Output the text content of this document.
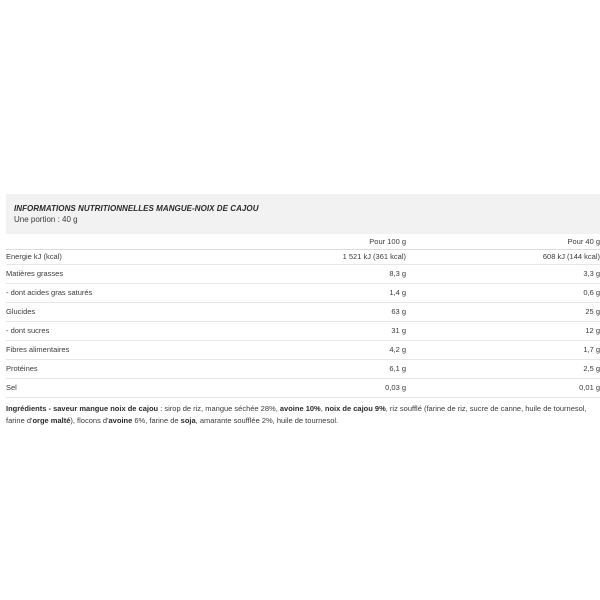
INFORMATIONS NUTRITIONNELLES MANGUE-NOIX DE CAJOU
Une portion : 40 g
Pour 100 g	Pour 40 g
Energie kJ (kcal)	1 521 kJ (361 kcal)	608 kJ (144 kcal)
Matières grasses	8,3 g	3,3 g
- dont acides gras saturés	1,4 g	0,6 g
Glucides	63 g	25 g
- dont sucres	31 g	12 g
Fibres alimentaires	4,2 g	1,7 g
Protéines	6,1 g	2,5 g
Sel	0,03 g	0,01 g
Ingrédients - saveur mangue noix de cajou : sirop de riz, mangue séchée 28%, avoine 10%, noix de cajou 9%, riz soufflé (farine de riz, sucre de canne, huile de tournesol, farine d'orge malté), flocons d'avoine 6%, farine de soja, amarante soufflée 2%, huile de tournesol.
